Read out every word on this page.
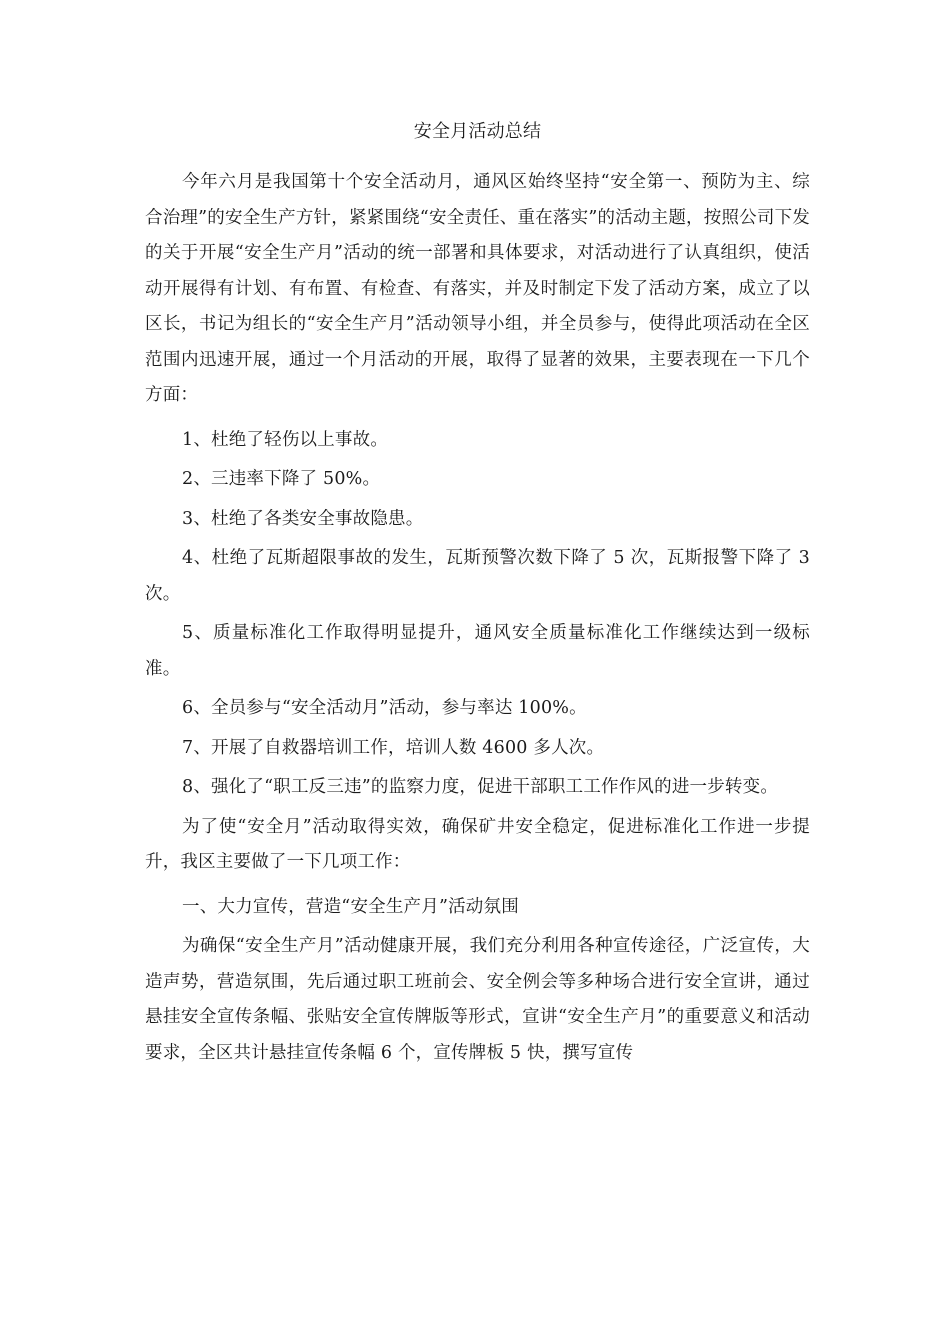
安全月活动总结

今年六月是我国第十个安全活动月，通风区始终坚持“安全第一、预防为主、综合治理”的安全生产方针，紧紧围绕“安全责任、重在落实”的活动主题，按照公司下发的关于开展“安全生产月”活动的统一部署和具体要求，对活动进行了认真组织，使活动开展得有计划、有布置、有检查、有落实，并及时制定下发了活动方案，成立了以区长，书记为组长的“安全生产月”活动领导小组，并全员参与，使得此项活动在全区范围内迅速开展，通过一个月活动的开展，取得了显著的效果，主要表现在一下几个方面：

1、杜绝了轻伤以上事故。

2、三违率下降了 50%。

3、杜绝了各类安全事故隐患。

4、杜绝了瓦斯超限事故的发生，瓦斯预警次数下降了 5 次，瓦斯报警下降了 3 次。

5、质量标准化工作取得明显提升，通风安全质量标准化工作继续达到一级标准。

6、全员参与“安全活动月”活动，参与率达 100%。

7、开展了自救器培训工作，培训人数 4600 多人次。

8、强化了“职工反三违”的监察力度，促进干部职工工作作风的进一步转变。

为了使“安全月”活动取得实效，确保矿井安全稳定，促进标准化工作进一步提升，我区主要做了一下几项工作：

一、大力宣传，营造“安全生产月”活动氛围

为确保“安全生产月”活动健康开展，我们充分利用各种宣传途径，广泛宣传，大造声势，营造氛围，先后通过职工班前会、安全例会等多种场合进行安全宣讲，通过悬挂安全宣传条幅、张贴安全宣传牌版等形式，宣讲“安全生产月”的重要意义和活动要求，全区共计悬挂宣传条幅 6 个，宣传牌板 5 快，撰写宣传
